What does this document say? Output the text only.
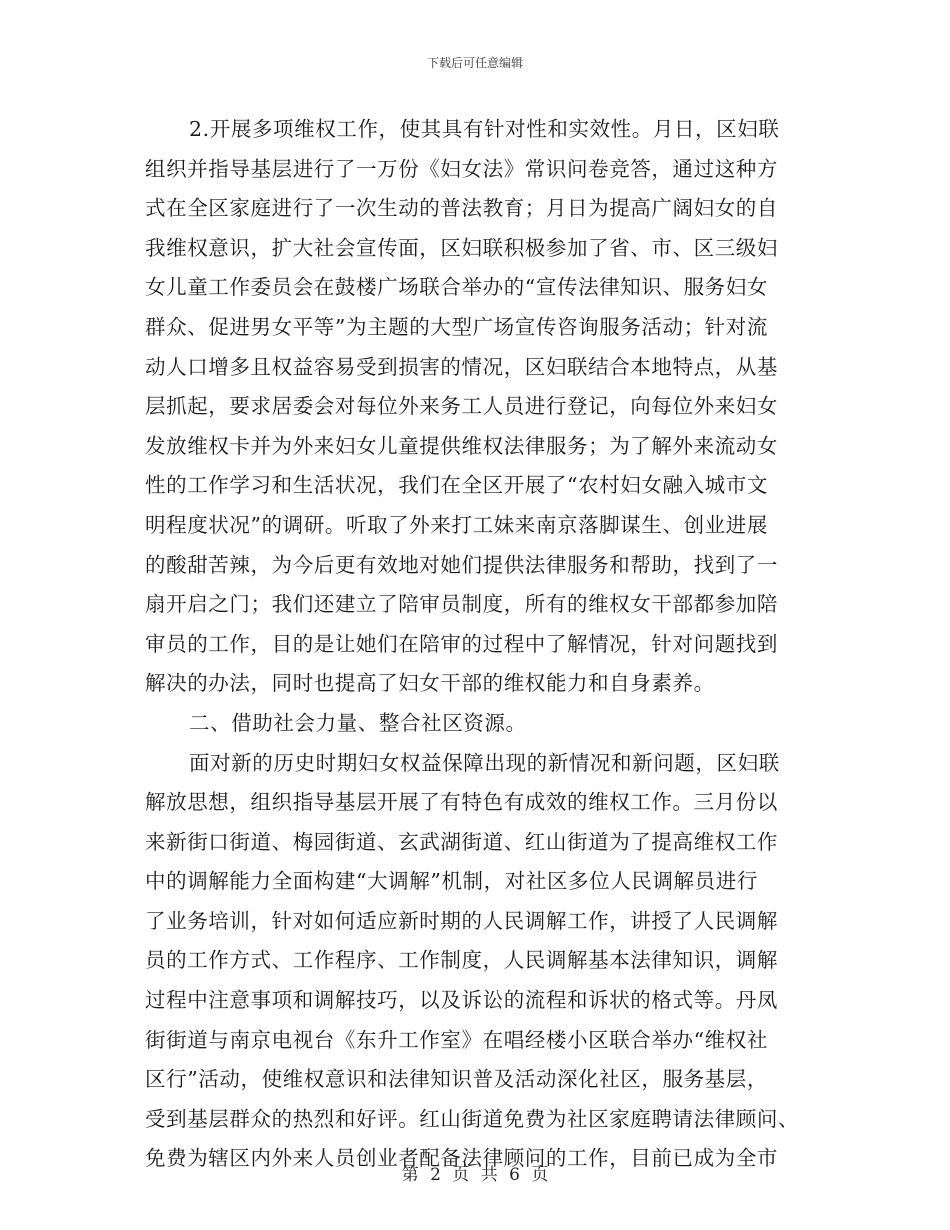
下载后可任意编辑
2.开展多项维权工作，使其具有针对性和实效性。月日，区妇联
组织并指导基层进行了一万份《妇女法》常识问卷竞答，通过这种方
式在全区家庭进行了一次生动的普法教育；月日为提高广阔妇女的自
我维权意识，扩大社会宣传面，区妇联积极参加了省、市、区三级妇
女儿童工作委员会在鼓楼广场联合举办的“宣传法律知识、服务妇女
群众、促进男女平等”为主题的大型广场宣传咨询服务活动；针对流
动人口增多且权益容易受到损害的情况，区妇联结合本地特点，从基
层抓起，要求居委会对每位外来务工人员进行登记，向每位外来妇女
发放维权卡并为外来妇女儿童提供维权法律服务；为了解外来流动女
性的工作学习和生活状况，我们在全区开展了“农村妇女融入城市文
明程度状况”的调研。听取了外来打工妹来南京落脚谋生、创业进展
的酸甜苦辣，为今后更有效地对她们提供法律服务和帮助，找到了一
扇开启之门；我们还建立了陪审员制度，所有的维权女干部都参加陪
审员的工作，目的是让她们在陪审的过程中了解情况，针对问题找到
解决的办法，同时也提高了妇女干部的维权能力和自身素养。
二、借助社会力量、整合社区资源。
面对新的历史时期妇女权益保障出现的新情况和新问题，区妇联
解放思想，组织指导基层开展了有特色有成效的维权工作。三月份以
来新街口街道、梅园街道、玄武湖街道、红山街道为了提高维权工作
中的调解能力全面构建“大调解”机制，对社区多位人民调解员进行
了业务培训，针对如何适应新时期的人民调解工作，讲授了人民调解
员的工作方式、工作程序、工作制度，人民调解基本法律知识，调解
过程中注意事项和调解技巧，以及诉讼的流程和诉状的格式等。丹凤
街街道与南京电视台《东升工作室》在唱经楼小区联合举办“维权社
区行”活动，使维权意识和法律知识普及活动深化社区，服务基层，
受到基层群众的热烈和好评。红山街道免费为社区家庭聘请法律顾问、
免费为辖区内外来人员创业者配备法律顾问的工作，目前已成为全市
第 2 页 共 6 页
